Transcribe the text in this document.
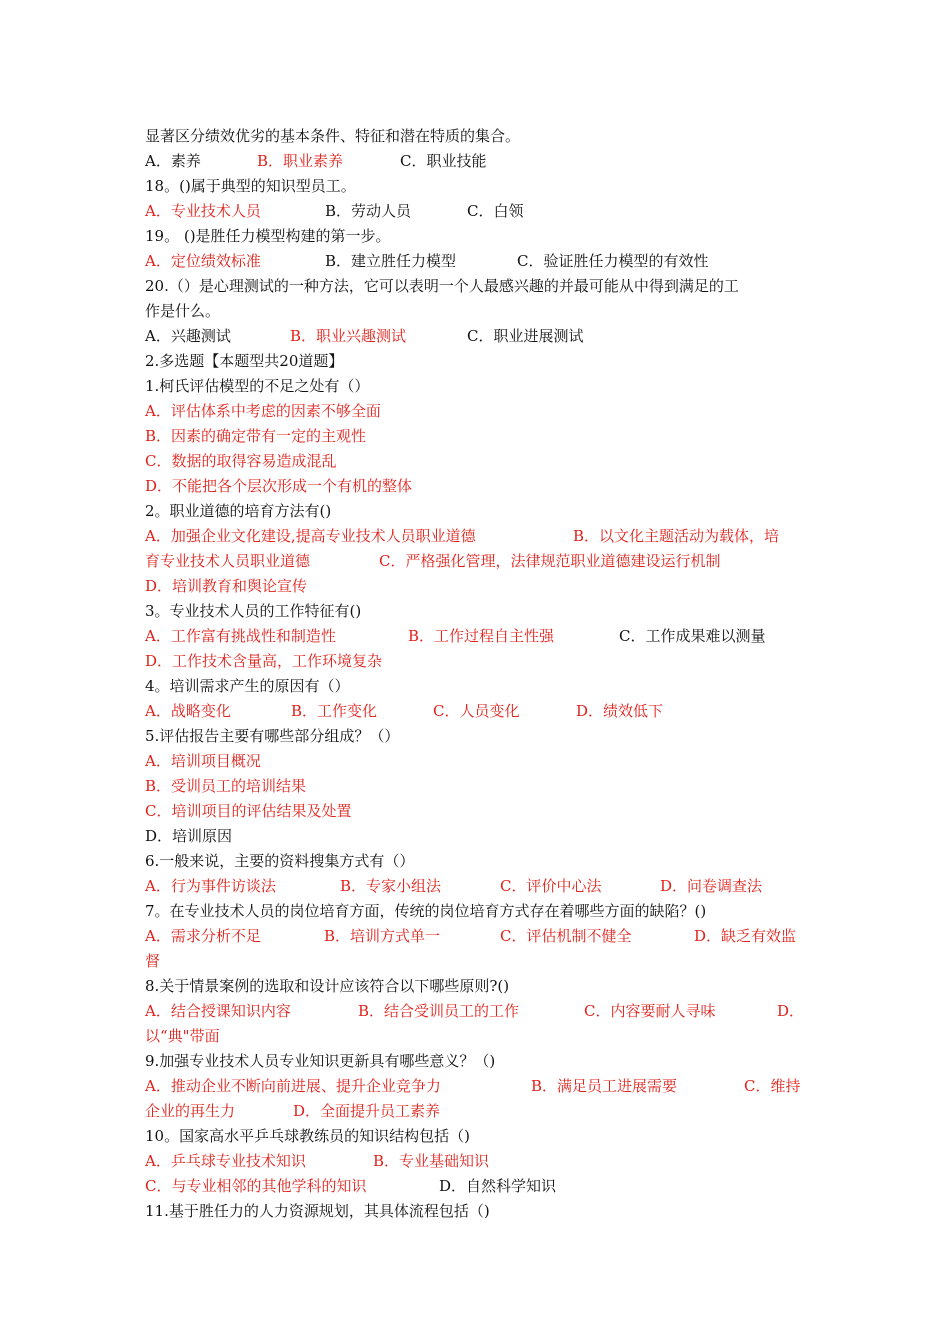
显著区分绩效优劣的基本条件、特征和潜在特质的集合。
A．素养	B．职业素养	C．职业技能
18。()属于典型的知识型员工。
A．专业技术人员	B．劳动人员	C．白领
19。 ()是胜任力模型构建的第一步。
A．定位绩效标准	B．建立胜任力模型	C．验证胜任力模型的有效性
20.（）是心理测试的一种方法，它可以表明一个人最感兴趣的并最可能从中得到满足的工
作是什么。
A．兴趣测试	B．职业兴趣测试	C．职业进展测试
2.多选题【本题型共20道题】
1.柯氏评估模型的不足之处有（）
A．评估体系中考虑的因素不够全面
B．因素的确定带有一定的主观性
C．数据的取得容易造成混乱
D．不能把各个层次形成一个有机的整体
2。职业道德的培育方法有()
A．加强企业文化建设,提高专业技术人员职业道德	B．以文化主题活动为载体，培
育专业技术人员职业道德	C．严格强化管理，法律规范职业道德建设运行机制
D．培训教育和舆论宣传
3。专业技术人员的工作特征有()
A．工作富有挑战性和制造性	B．工作过程自主性强	C．工作成果难以测量
D．工作技术含量高，工作环境复杂
4。培训需求产生的原因有（）
A．战略变化	B．工作变化	C．人员变化	D．绩效低下
5.评估报告主要有哪些部分组成？（）
A．培训项目概况
B．受训员工的培训结果
C．培训项目的评估结果及处置
D．培训原因
6.一般来说，主要的资料搜集方式有（）
A．行为事件访谈法	B．专家小组法	C．评价中心法	D．问卷调查法
7。在专业技术人员的岗位培育方面，传统的岗位培育方式存在着哪些方面的缺陷？()
A．需求分析不足	B．培训方式单一	C．评估机制不健全	D．缺乏有效监
督
8.关于情景案例的选取和设计应该符合以下哪些原则?()
A．结合授课知识内容	B．结合受训员工的工作	C．内容要耐人寻味	D．
以“典"带面
9.加强专业技术人员专业知识更新具有哪些意义？（)
A．推动企业不断向前进展、提升企业竞争力	B．满足员工进展需要	C．维持
企业的再生力	D．全面提升员工素养
10。国家高水平乒乓球教练员的知识结构包括（)
A．乒乓球专业技术知识	B．专业基础知识
C．与专业相邻的其他学科的知识	D．自然科学知识
11.基于胜任力的人力资源规划，其具体流程包括（)
